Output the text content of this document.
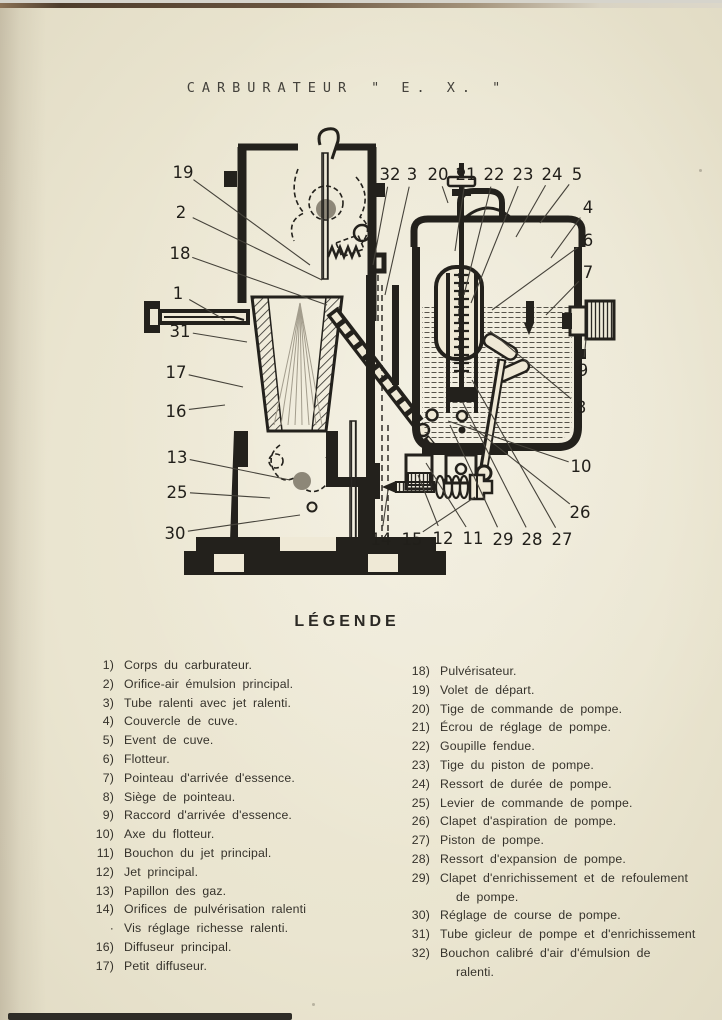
CARBURATEUR " E. X. "
19
2
18
1
31
17
16
13
25
30
32 3 20 21 22 23 24 5
4
6
7
9
8
10
26
14 15 12 11 29 28 27
LÉGENDE
1) Corps du carburateur.
2) Orifice-air émulsion principal.
3) Tube ralenti avec jet ralenti.
4) Couvercle de cuve.
5) Event de cuve.
6) Flotteur.
7) Pointeau d'arrivée d'essence.
8) Siège de pointeau.
9) Raccord d'arrivée d'essence.
10) Axe du flotteur.
11) Bouchon du jet principal.
12) Jet principal.
13) Papillon des gaz.
14) Orifices de pulvérisation ralenti
· Vis réglage richesse ralenti.
16) Diffuseur principal.
17) Petit diffuseur.
18) Pulvérisateur.
19) Volet de départ.
20) Tige de commande de pompe.
21) Écrou de réglage de pompe.
22) Goupille fendue.
23) Tige du piston de pompe.
24) Ressort de durée de pompe.
25) Levier de commande de pompe.
26) Clapet d'aspiration de pompe.
27) Piston de pompe.
28) Ressort d'expansion de pompe.
29) Clapet d'enrichissement et de refoulement
de pompe.
30) Réglage de course de pompe.
31) Tube gicleur de pompe et d'enrichissement
32) Bouchon calibré d'air d'émulsion de
ralenti.
